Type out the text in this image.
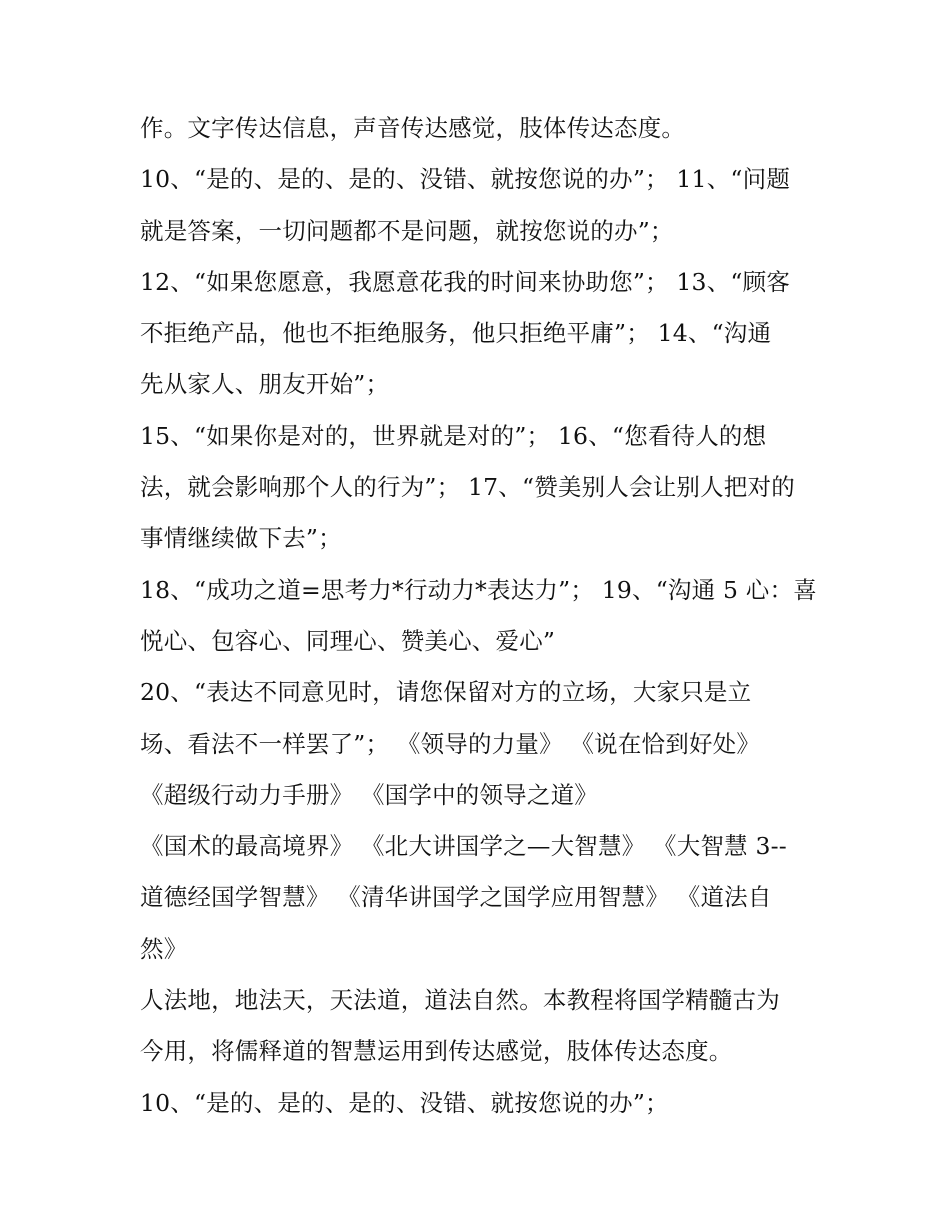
作。文字传达信息，声音传达感觉，肢体传达态度。
10、“是的、是的、是的、没错、就按您说的办”； 11、“问题
就是答案，一切问题都不是问题，就按您说的办”；
12、“如果您愿意，我愿意花我的时间来协助您”； 13、“顾客
不拒绝产品，他也不拒绝服务，他只拒绝平庸”； 14、“沟通
先从家人、朋友开始”；
15、“如果你是对的，世界就是对的”； 16、“您看待人的想
法，就会影响那个人的行为”； 17、“赞美别人会让别人把对的
事情继续做下去”；
18、“成功之道=思考力*行动力*表达力”； 19、“沟通 5 心：喜
悦心、包容心、同理心、赞美心、爱心”
20、“表达不同意见时，请您保留对方的立场，大家只是立
场、看法不一样罢了”； 《领导的力量》 《说在恰到好处》
《超级行动力手册》 《国学中的领导之道》
《国术的最高境界》 《北大讲国学之—大智慧》 《大智慧 3--
道德经国学智慧》 《清华讲国学之国学应用智慧》 《道法自
然》
人法地，地法天，天法道，道法自然。本教程将国学精髓古为
今用，将儒释道的智慧运用到传达感觉，肢体传达态度。
10、“是的、是的、是的、没错、就按您说的办”；
